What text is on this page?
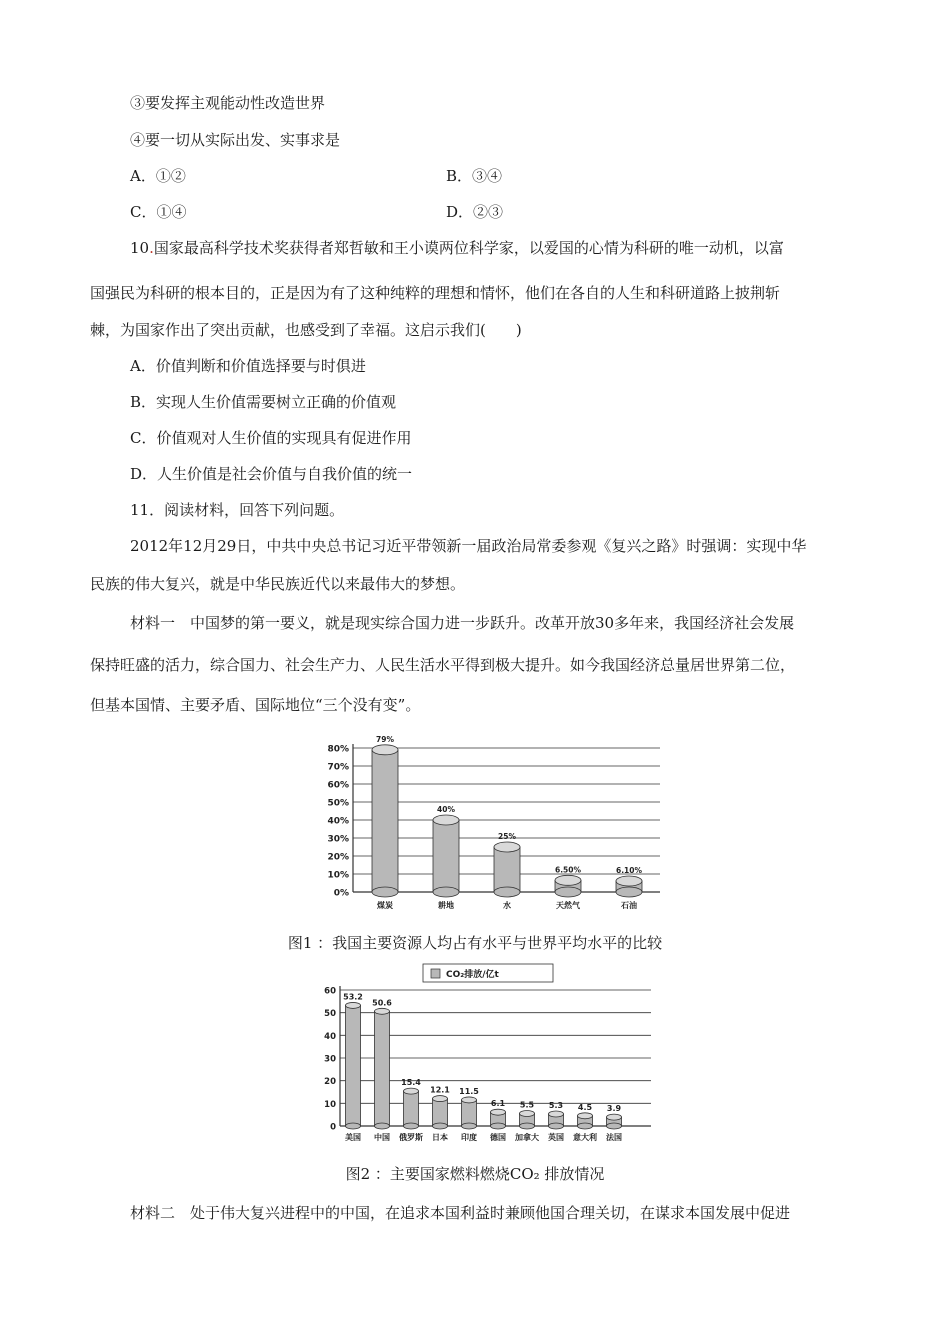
③要发挥主观能动性改造世界
④要一切从实际出发、实事求是
A．①②	B．③④
C．①④	D．②③
10.国家最高科学技术奖获得者郑哲敏和王小谟两位科学家，以爱国的心情为科研的唯一动机，以富
国强民为科研的根本目的，正是因为有了这种纯粹的理想和情怀，他们在各自的人生和科研道路上披荆斩
棘，为国家作出了突出贡献，也感受到了幸福。这启示我们(　　)
A．价值判断和价值选择要与时俱进
B．实现人生价值需要树立正确的价值观
C．价值观对人生价值的实现具有促进作用
D．人生价值是社会价值与自我价值的统一
11．阅读材料，回答下列问题。
2012年12月29日，中共中央总书记习近平带领新一届政治局常委参观《复兴之路》时强调：实现中华
民族的伟大复兴，就是中华民族近代以来最伟大的梦想。
材料一　中国梦的第一要义，就是现实综合国力进一步跃升。改革开放30多年来，我国经济社会发展
保持旺盛的活力，综合国力、社会生产力、人民生活水平得到极大提升。如今我国经济总量居世界第二位，
但基本国情、主要矛盾、国际地位“三个没有变”。
0%
10%
20%
30%
40%
50%
60%
70%
80%
79%
煤炭
40%
耕地
25%
水
6.50%
天然气
6.10%
石油
图1 ：我国主要资源人均占有水平与世界平均水平的比较
CO₂排放/亿t
0
10
20
30
40
50
60
53.2
美国
50.6
中国
15.4
俄罗斯
12.1
日本
11.5
印度
6.1
德国
5.5
加拿大
5.3
英国
4.5
意大利
3.9
法国
图2 ：主要国家燃料燃烧CO₂ 排放情况
材料二　处于伟大复兴进程中的中国，在追求本国利益时兼顾他国合理关切，在谋求本国发展中促进
